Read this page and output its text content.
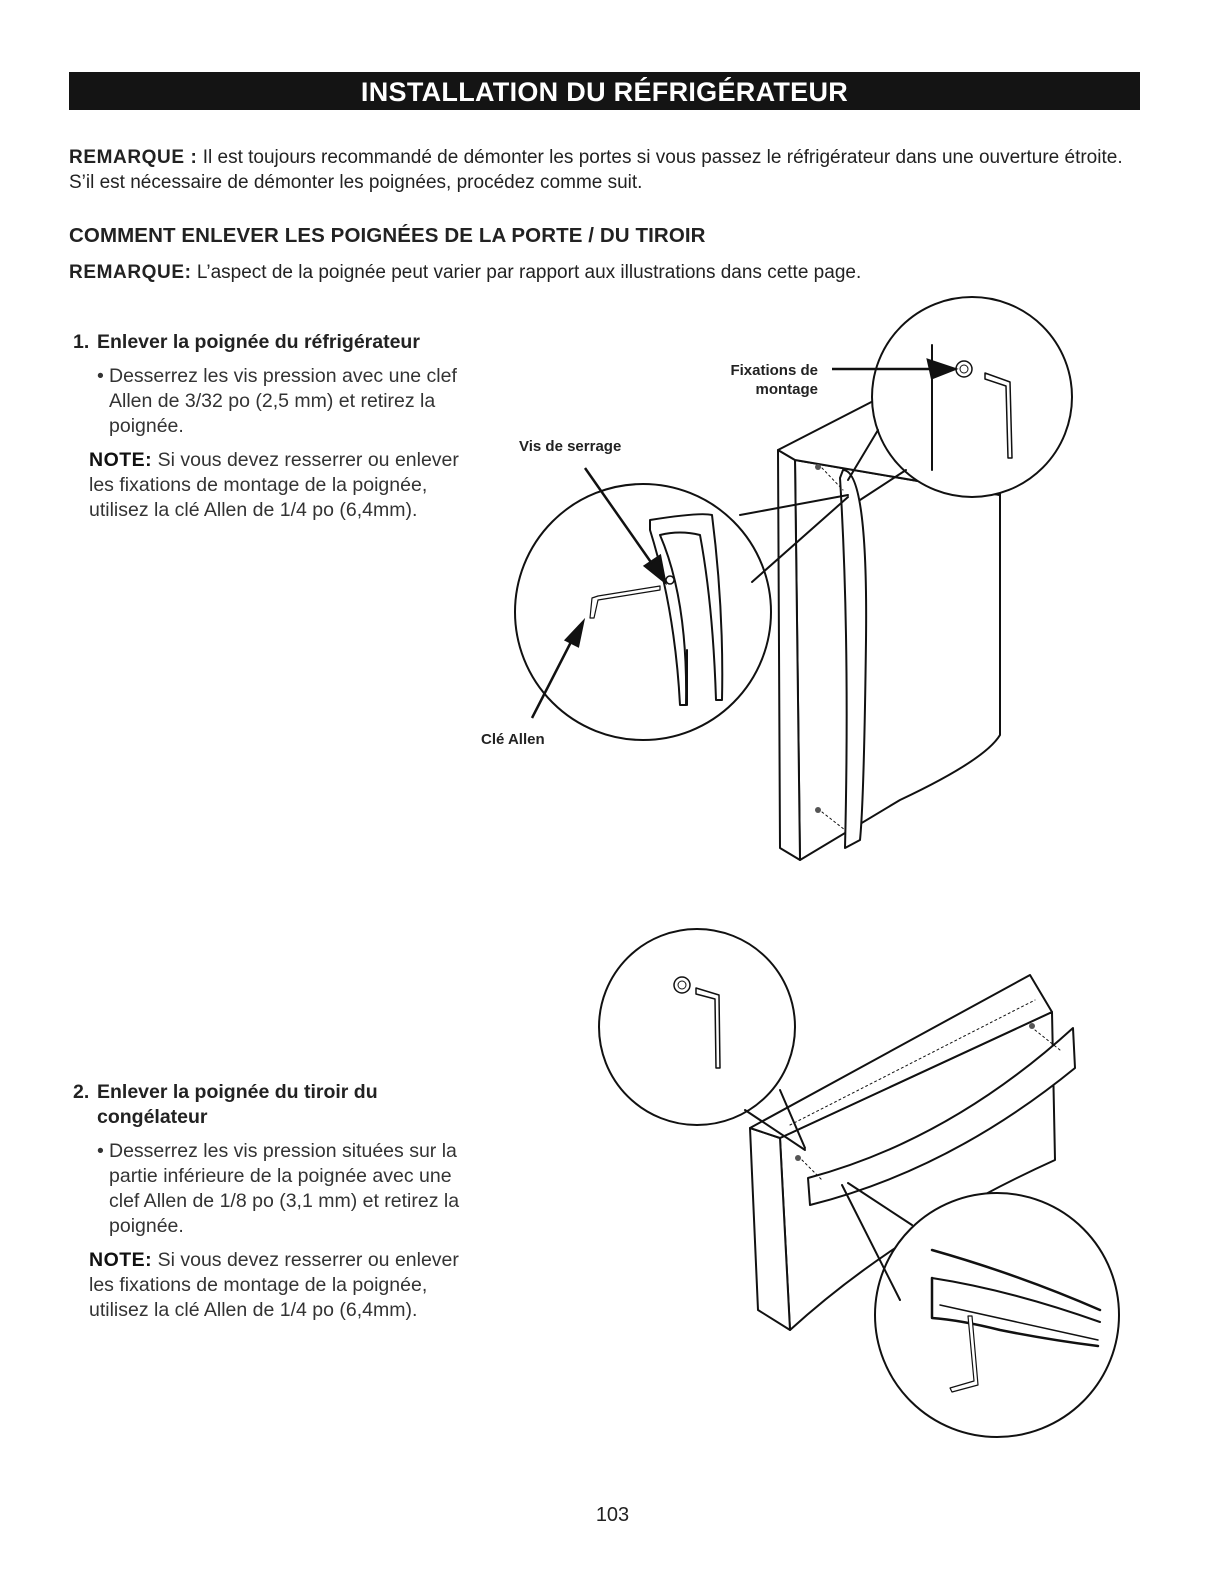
INSTALLATION DU RÉFRIGÉRATEUR

REMARQUE : Il est toujours recommandé de démonter les portes si vous passez le réfrigérateur dans une ouverture étroite. S’il est nécessaire de démonter les poignées, procédez comme suit.

COMMENT ENLEVER LES POIGNÉES DE LA PORTE / DU TIROIR

REMARQUE: L’aspect de la poignée peut varier par rapport aux illustrations dans cette page.

1. Enlever la poignée du réfrigérateur

• Desserrez les vis pression avec une clef Allen de 3/32 po (2,5 mm) et retirez la poignée.

NOTE: Si vous devez resserrer ou enlever les fixations de montage de la poignée, utilisez la clé Allen de 1/4 po (6,4mm).

2. Enlever la poignée du tiroir du
congélateur

• Desserrez les vis pression situées sur la partie inférieure de la poignée avec une clef Allen de 1/8 po (3,1 mm) et retirez la poignée.

NOTE: Si vous devez resserrer ou enlever les fixations de montage de la poignée, utilisez la clé Allen de 1/4 po (6,4mm).

Fixations de
montage
Vis de serrage
Clé Allen
103
